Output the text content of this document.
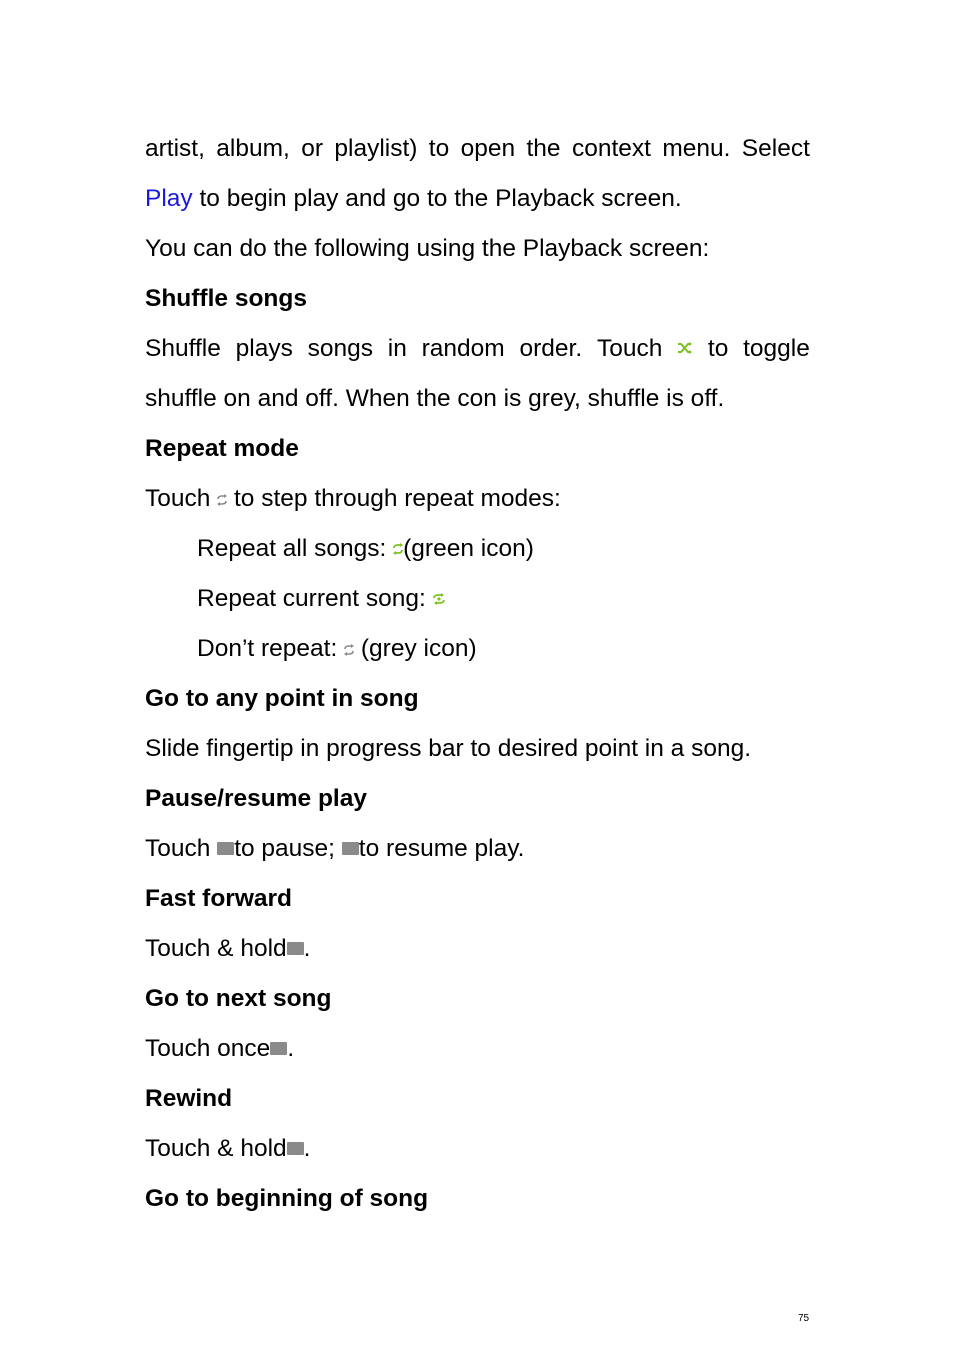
artist, album, or playlist) to open the context menu. Select
Play to begin play and go to the Playback screen.
You can do the following using the Playback screen:
Shuffle songs
Shuffle plays songs in random order. Touch to toggle
shuffle on and off. When the con is grey, shuffle is off.
Repeat mode
Touch  to step through repeat modes:
Repeat all songs: (green icon)
Repeat current song:
Don’t repeat:  (grey icon)
Go to any point in song
Slide fingertip in progress bar to desired point in a song.
Pause/resume play
Touch to pause; to resume play.
Fast forward
Touch & hold .
Go to next song
Touch once .
Rewind
Touch & hold .
Go to beginning of song
75
